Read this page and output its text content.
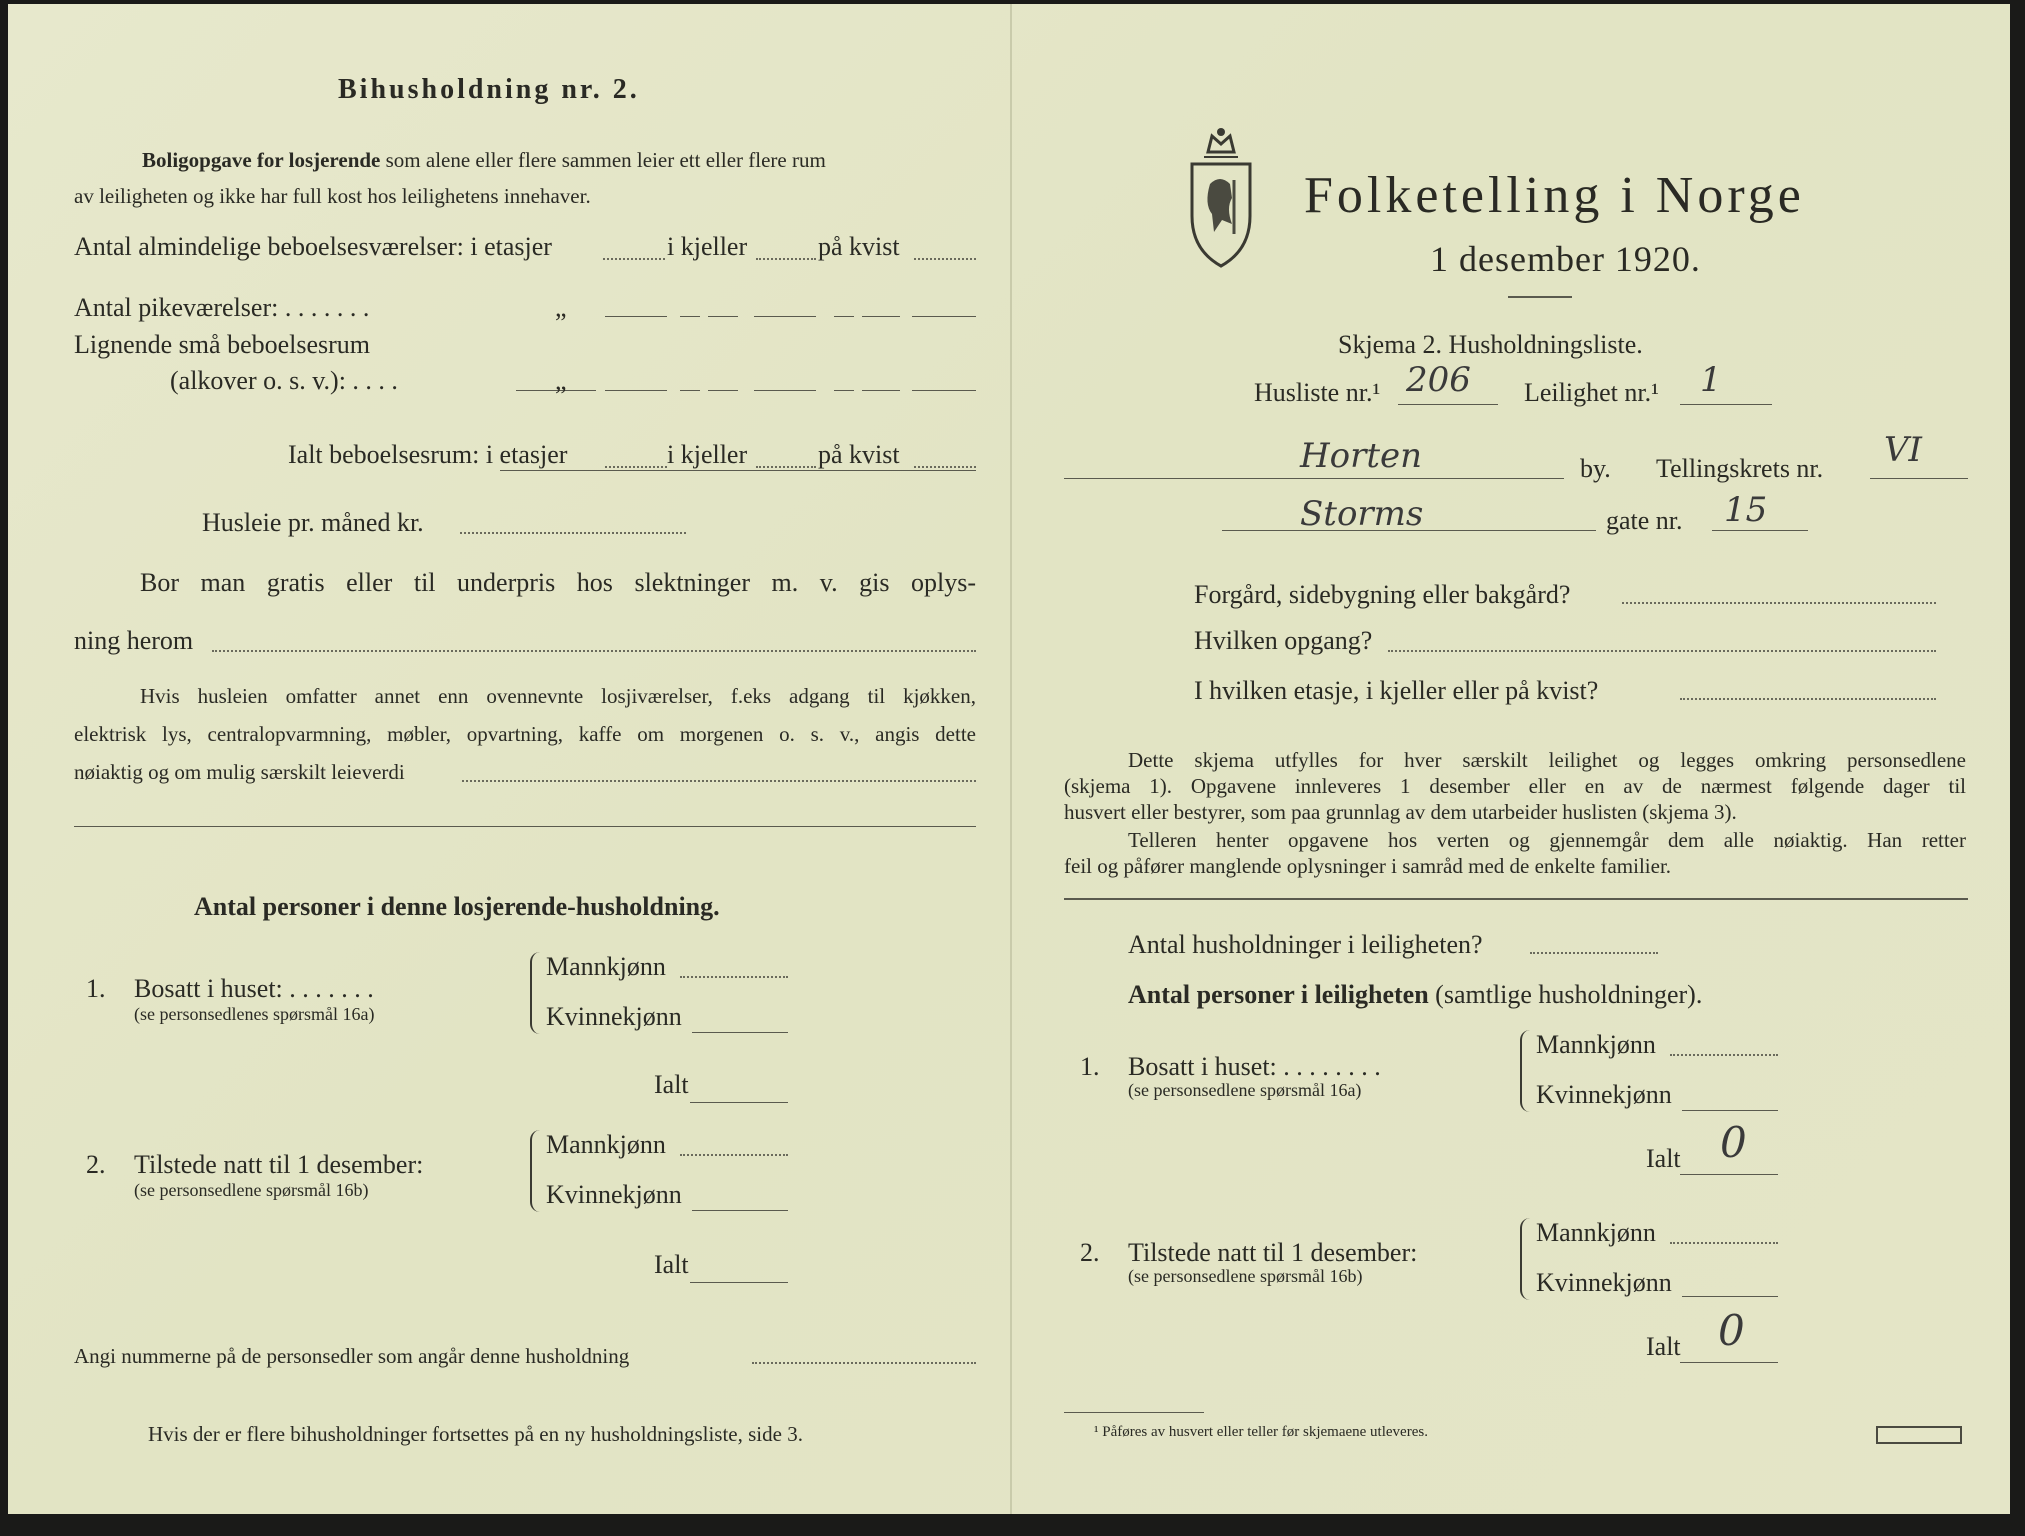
Bihusholdning nr. 2.
Boligopgave for losjerende som alene eller flere sammen leier ett eller flere rum
av leiligheten og ikke har full kost hos leilighetens innehaver.
Antal almindelige beboelsesværelser: i etasjer	i kjeller	på kvist
Antal pikeværelser: . . . . . . .	„
Lignende små beboelsesrum
(alkover o. s. v.): . . . .	„
Ialt beboelsesrum: i etasjer	i kjeller	på kvist
Husleie pr. måned kr.
Bor man gratis eller til underpris hos slektninger m. v. gis oplys-
ning herom
Hvis husleien omfatter annet enn ovennevnte losjiværelser, f.eks adgang til kjøkken,
elektrisk lys, centralopvarmning, møbler, opvartning, kaffe om morgenen o. s. v., angis dette
nøiaktig og om mulig særskilt leieverdi
Antal personer i denne losjerende-husholdning.
1. Bosatt i huset: . . . . . . .
(se personsedlenes spørsmål 16a)
Mannkjønn
Kvinnekjønn
Ialt
2. Tilstede natt til 1 desember:
(se personsedlene spørsmål 16b)
Mannkjønn
Kvinnekjønn
Ialt
Angi nummerne på de personsedler som angår denne husholdning
Hvis der er flere bihusholdninger fortsettes på en ny husholdningsliste, side 3.
Folketelling i Norge
1 desember 1920.
Skjema 2. Husholdningsliste.
Husliste nr.¹ 206 Leilighet nr.¹ 1
Horten	by. Tellingskrets nr. VI
Storms	gate nr. 15
Forgård, sidebygning eller bakgård?
Hvilken opgang?
I hvilken etasje, i kjeller eller på kvist?
Dette skjema utfylles for hver særskilt leilighet og legges omkring personsedlene
(skjema 1). Opgavene innleveres 1 desember eller en av de nærmest følgende dager til
husvert eller bestyrer, som paa grunnlag av dem utarbeider huslisten (skjema 3).
Telleren henter opgavene hos verten og gjennemgår dem alle nøiaktig. Han retter
feil og påfører manglende oplysninger i samråd med de enkelte familier.
Antal husholdninger i leiligheten?
Antal personer i leiligheten (samtlige husholdninger).
1. Bosatt i huset: . . . . . . . .
(se personsedlene spørsmål 16a)
Mannkjønn
Kvinnekjønn
Ialt 0
2. Tilstede natt til 1 desember:
(se personsedlene spørsmål 16b)
Mannkjønn
Kvinnekjønn
Ialt 0
¹ Påføres av husvert eller teller før skjemaene utleveres.
